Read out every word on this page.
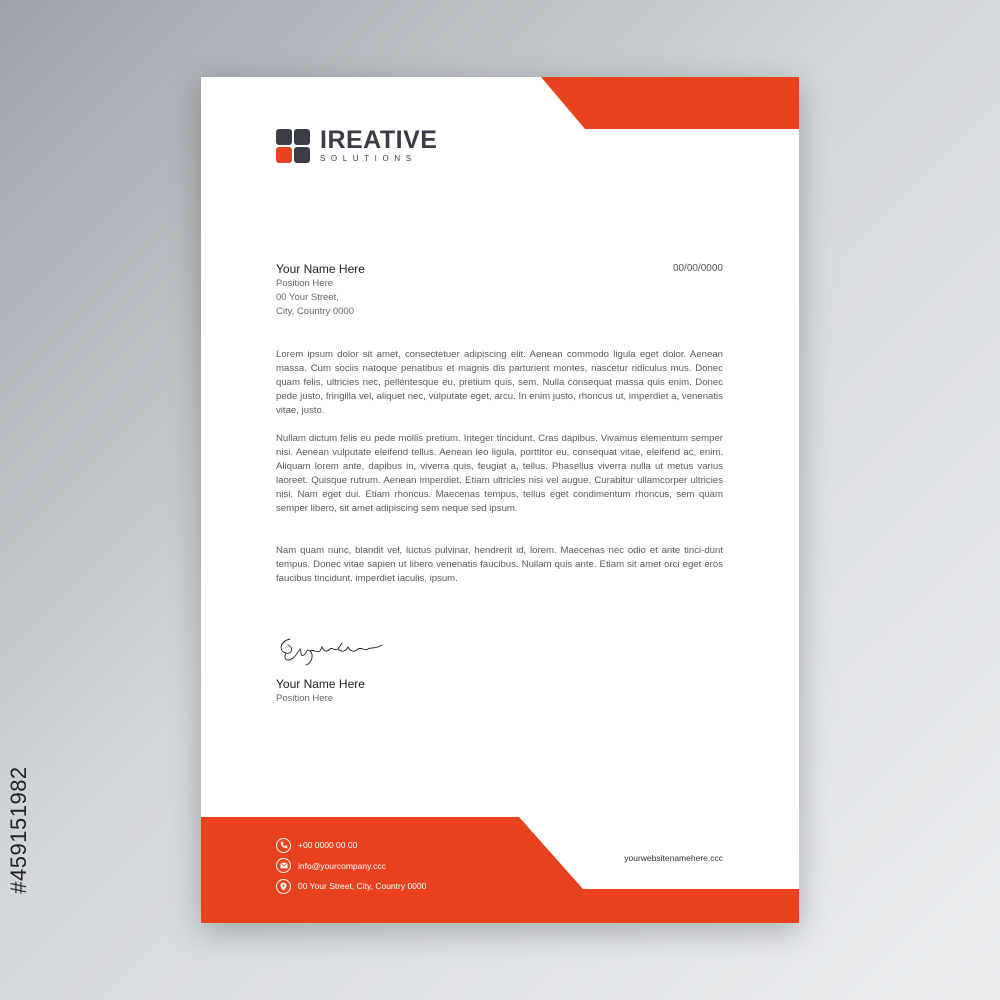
#459151982
IREATIVE
SOLUTIONS
Your Name Here
Position Here
00 Your Street,
City, Country 0000
00/00/0000
Lorem ipsum dolor sit amet, consectetuer adipiscing elit. Aenean commodo ligula eget dolor. Aenean massa. Cum sociis natoque penatibus et magnis dis parturient montes, nascetur ridiculus mus. Donec quam felis, ultricies nec, pellentesque eu, pretium quis, sem. Nulla consequat massa quis enim. Donec pede justo, fringilla vel, aliquet nec, vulputate eget, arcu. In enim justo, rhoncus ut, imperdiet a, venenatis vitae, justo.
Nullam dictum felis eu pede mollis pretium. Integer tincidunt. Cras dapibus. Vivamus elementum semper nisi. Aenean vulputate eleifend tellus. Aenean leo ligula, porttitor eu, consequat vitae, eleifend ac, enim. Aliquam lorem ante, dapibus in, viverra quis, feugiat a, tellus. Phasellus viverra nulla ut metus varius laoreet. Quisque rutrum. Aenean imperdiet. Etiam ultricies nisi vel augue. Curabitur ullamcorper ultricies nisi. Nam eget dui. Etiam rhoncus. Maecenas tempus, tellus eget condimentum rhoncus, sem quam semper libero, sit amet adipiscing sem neque sed ipsum.
Nam quam nunc, blandit vel, luctus pulvinar, hendrerit id, lorem. Maecenas nec odio et ante tinci-dunt tempus. Donec vitae sapien ut libero venenatis faucibus. Nullam quis ante. Etiam sit amet orci eget eros faucibus tincidunt. imperdiet iaculis, ipsum.
Your Name Here
Position Here
+00 0000 00 00
info@yourcompany.ccc
00 Your Street, City, Country 0000
yourwebsitenamehere.ccc
